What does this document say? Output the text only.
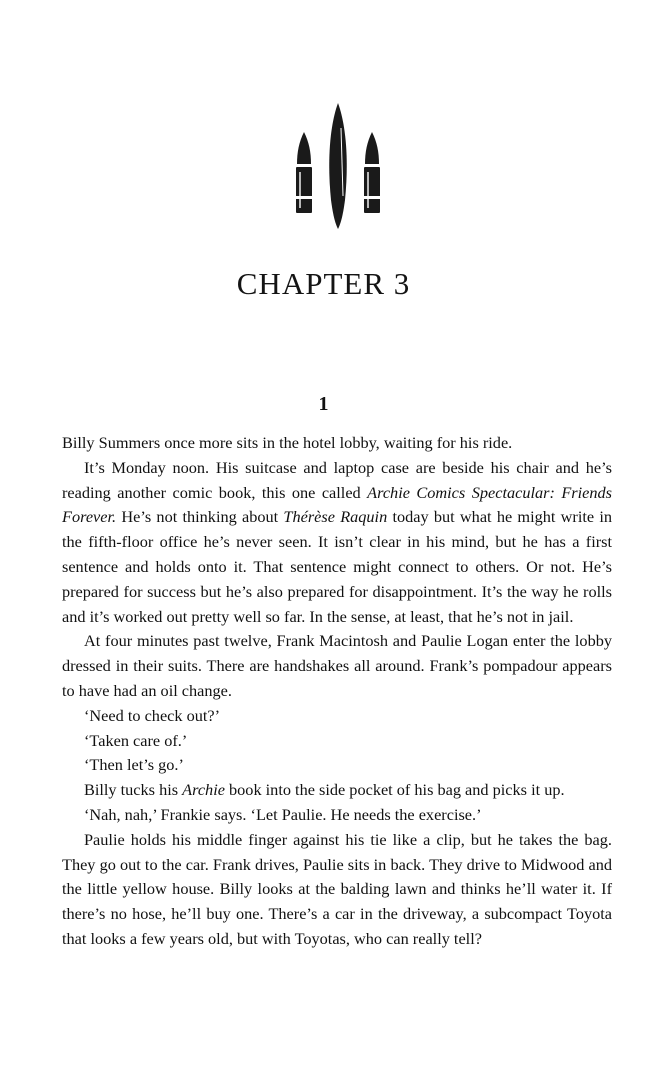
CHAPTER 3
1

Billy Summers once more sits in the hotel lobby, waiting for his ride.

It’s Monday noon. His suitcase and laptop case are beside his chair and he’s reading another comic book, this one called Archie Comics Spectacular: Friends Forever. He’s not thinking about Thérèse Raquin today but what he might write in the fifth-floor office he’s never seen. It isn’t clear in his mind, but he has a first sentence and holds onto it. That sentence might connect to others. Or not. He’s prepared for success but he’s also prepared for disappointment. It’s the way he rolls and it’s worked out pretty well so far. In the sense, at least, that he’s not in jail.

At four minutes past twelve, Frank Macintosh and Paulie Logan enter the lobby dressed in their suits. There are handshakes all around. Frank’s pompadour appears to have had an oil change.

‘Need to check out?’

‘Taken care of.’

‘Then let’s go.’

Billy tucks his Archie book into the side pocket of his bag and picks it up.

‘Nah, nah,’ Frankie says. ‘Let Paulie. He needs the exercise.’

Paulie holds his middle finger against his tie like a clip, but he takes the bag. They go out to the car. Frank drives, Paulie sits in back. They drive to Midwood and the little yellow house. Billy looks at the balding lawn and thinks he’ll water it. If there’s no hose, he’ll buy one. There’s a car in the driveway, a subcompact Toyota that looks a few years old, but with Toyotas, who can really tell?
